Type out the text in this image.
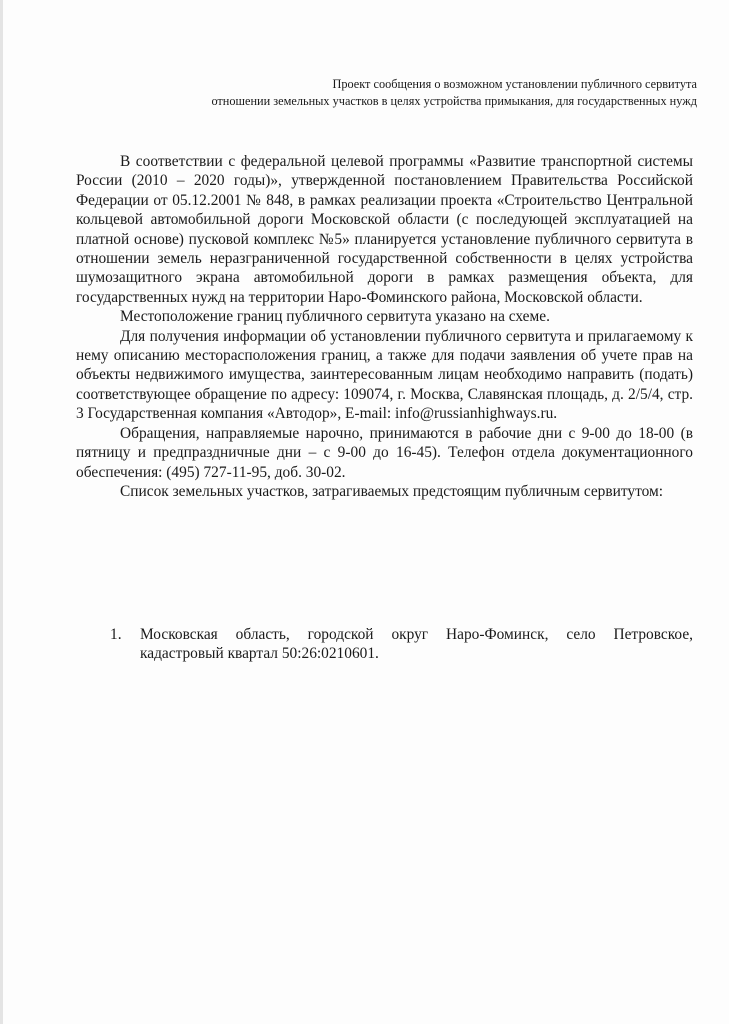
Проект сообщения о возможном установлении публичного сервитута
отношении земельных участков в целях устройства примыкания, для государственных нужд

В соответствии с федеральной целевой программы «Развитие транспортной системы России (2010 – 2020 годы)», утвержденной постановлением Правительства Российской Федерации от 05.12.2001 № 848, в рамках реализации проекта «Строительство Центральной кольцевой автомобильной дороги Московской области (с последующей эксплуатацией на платной основе) пусковой комплекс №5» планируется установление публичного сервитута в отношении земель неразграниченной государственной собственности в целях устройства шумозащитного экрана автомобильной дороги в рамках размещения объекта, для государственных нужд на территории Наро-Фоминского района, Московской области.

Местоположение границ публичного сервитута указано на схеме.

Для получения информации об установлении публичного сервитута и прилагаемому к нему описанию месторасположения границ, а также для подачи заявления об учете прав на объекты недвижимого имущества, заинтересованным лицам необходимо направить (подать) соответствующее обращение по адресу: 109074, г. Москва, Славянская площадь, д. 2/5/4, стр. 3 Государственная компания «Автодор», E-mail: info@russianhighways.ru.

Обращения, направляемые нарочно, принимаются в рабочие дни с 9-00 до 18-00 (в пятницу и предпраздничные дни – с 9-00 до 16-45). Телефон отдела документационного обеспечения: (495) 727-11-95, доб. 30-02.

Список земельных участков, затрагиваемых предстоящим публичным сервитутом:

1.	Московская область, городской округ Наро-Фоминск, село Петровское, кадастровый квартал 50:26:0210601.
